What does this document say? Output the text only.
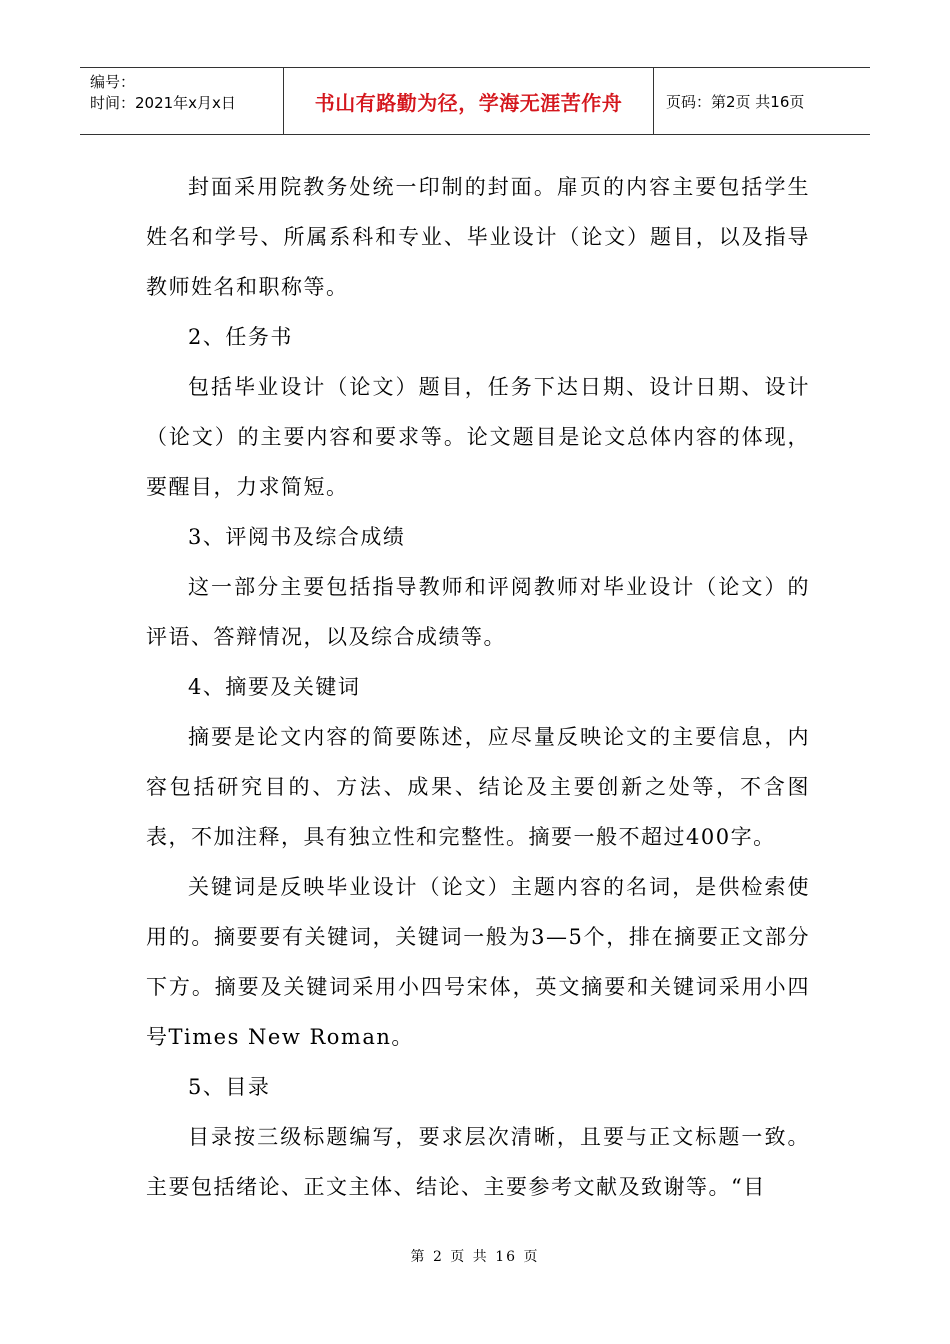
编号：
时间：2021年x月x日	书山有路勤为径，学海无涯苦作舟	页码：第2页 共16页

封面采用院教务处统一印制的封面。扉页的内容主要包括学生姓名和学号、所属系科和专业、毕业设计（论文）题目，以及指导教师姓名和职称等。

2、任务书

包括毕业设计（论文）题目，任务下达日期、设计日期、设计（论文）的主要内容和要求等。论文题目是论文总体内容的体现，要醒目，力求简短。

3、评阅书及综合成绩

这一部分主要包括指导教师和评阅教师对毕业设计（论文）的评语、答辩情况，以及综合成绩等。

4、摘要及关键词

摘要是论文内容的简要陈述，应尽量反映论文的主要信息，内容包括研究目的、方法、成果、结论及主要创新之处等，不含图表，不加注释，具有独立性和完整性。摘要一般不超过400字。

关键词是反映毕业设计（论文）主题内容的名词，是供检索使用的。摘要要有关键词，关键词一般为3—5个，排在摘要正文部分下方。摘要及关键词采用小四号宋体，英文摘要和关键词采用小四号Times New Roman。

5、目录

目录按三级标题编写，要求层次清晰，且要与正文标题一致。主要包括绪论、正文主体、结论、主要参考文献及致谢等。“目

第 2 页 共 16 页
